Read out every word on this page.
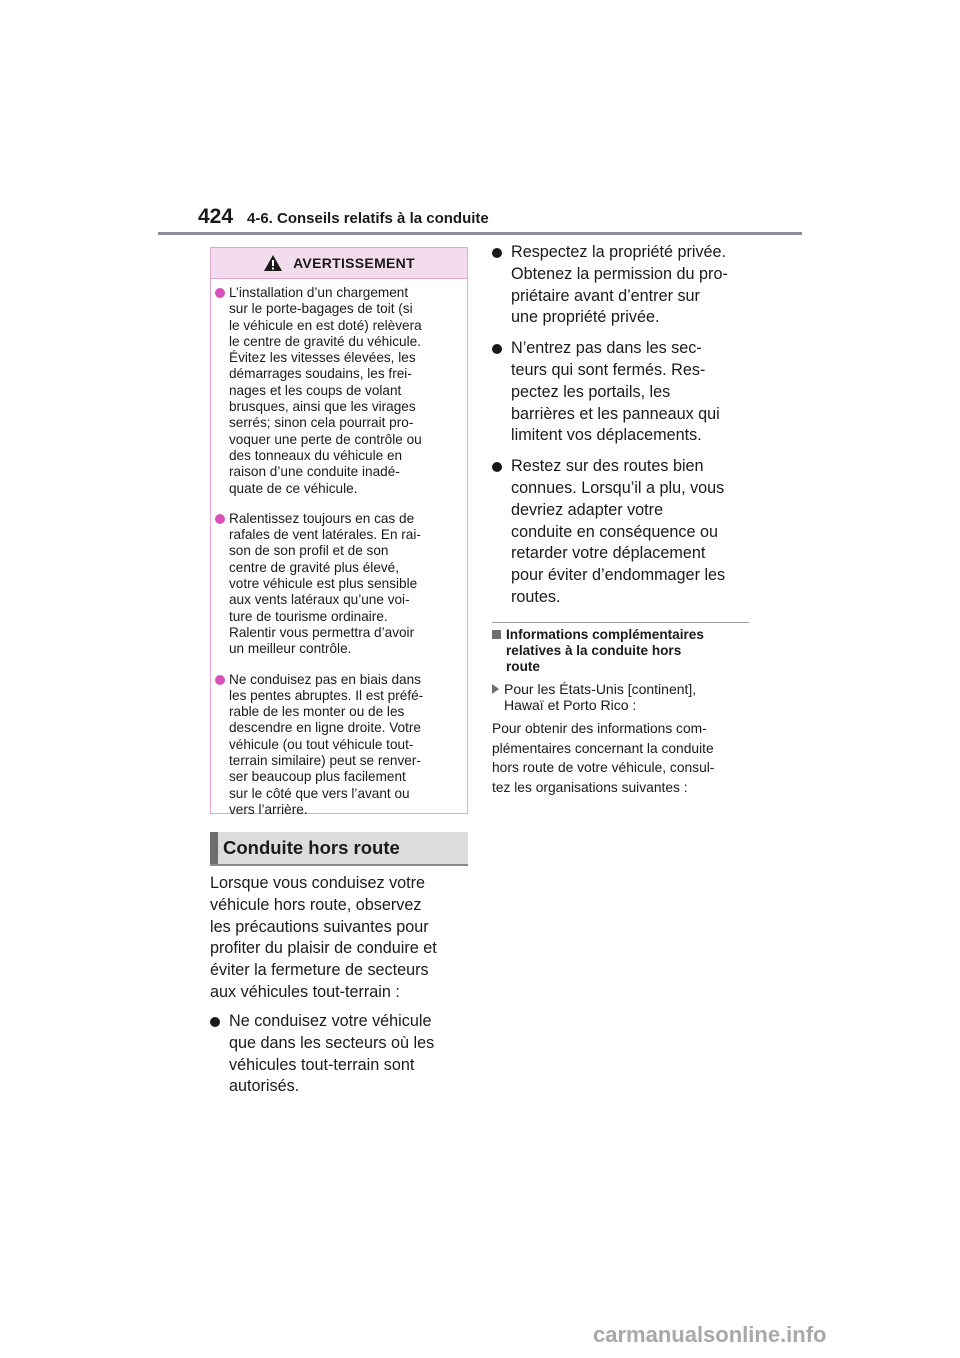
424 4-6. Conseils relatifs à la conduite
AVERTISSEMENT
L’installation d’un chargement
sur le porte-bagages de toit (si
le véhicule en est doté) relèvera
le centre de gravité du véhicule.
Évitez les vitesses élevées, les
démarrages soudains, les frei-
nages et les coups de volant
brusques, ainsi que les virages
serrés; sinon cela pourrait pro-
voquer une perte de contrôle ou
des tonneaux du véhicule en
raison d’une conduite inadé-
quate de ce véhicule.
Ralentissez toujours en cas de
rafales de vent latérales. En rai-
son de son profil et de son
centre de gravité plus élevé,
votre véhicule est plus sensible
aux vents latéraux qu’une voi-
ture de tourisme ordinaire.
Ralentir vous permettra d’avoir
un meilleur contrôle.
Ne conduisez pas en biais dans
les pentes abruptes. Il est préfé-
rable de les monter ou de les
descendre en ligne droite. Votre
véhicule (ou tout véhicule tout-
terrain similaire) peut se renver-
ser beaucoup plus facilement
sur le côté que vers l’avant ou
vers l’arrière.
Conduite hors route
Lorsque vous conduisez votre
véhicule hors route, observez
les précautions suivantes pour
profiter du plaisir de conduire et
éviter la fermeture de secteurs
aux véhicules tout-terrain :
Ne conduisez votre véhicule
que dans les secteurs où les
véhicules tout-terrain sont
autorisés.
Respectez la propriété privée.
Obtenez la permission du pro-
priétaire avant d’entrer sur
une propriété privée.
N’entrez pas dans les sec-
teurs qui sont fermés. Res-
pectez les portails, les
barrières et les panneaux qui
limitent vos déplacements.
Restez sur des routes bien
connues. Lorsqu’il a plu, vous
devriez adapter votre
conduite en conséquence ou
retarder votre déplacement
pour éviter d’endommager les
routes.
Informations complémentaires
relatives à la conduite hors
route
Pour les États-Unis [continent],
Hawaï et Porto Rico :
Pour obtenir des informations com-
plémentaires concernant la conduite
hors route de votre véhicule, consul-
tez les organisations suivantes :
carmanualsonline.info
